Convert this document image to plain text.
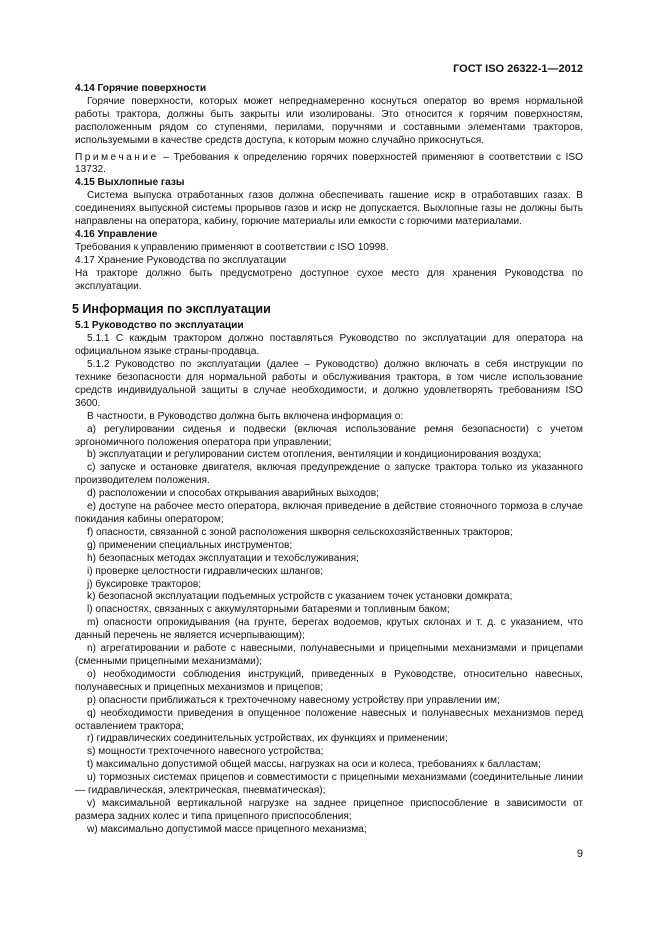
ГОСТ ISO 26322-1—2012
4.14 Горячие поверхности
Горячие поверхности, которых может непреднамеренно коснуться оператор во время нормальной работы трактора, должны быть закрыты или изолированы. Это относится к горячим поверхностям, расположенным рядом со ступенями, перилами, поручнями и составными элементами тракторов, используемыми в качестве средств доступа, к которым можно случайно прикоснуться.
Примечание – Требования к определению горячих поверхностей применяют в соответствии с ISO 13732.
4.15 Выхлопные газы
Система выпуска отработанных газов должна обеспечивать гашение искр в отработавших газах. В соединениях выпускной системы прорывов газов и искр не допускается. Выхлопные газы не должны быть направлены на оператора, кабину, горючие материалы или емкости с горючими материалами.
4.16 Управление
Требования к управлению применяют в соответствии с ISO 10998.
4.17 Хранение Руководства по эксплуатации
На тракторе должно быть предусмотрено доступное сухое место для хранения Руководства по эксплуатации.
5 Информация по эксплуатации
5.1 Руководство по эксплуатации
5.1.1 С каждым трактором должно поставляться Руководство по эксплуатации для оператора на официальном языке страны-продавца.
5.1.2 Руководство по эксплуатации (далее – Руководство) должно включать в себя инструкции по технике безопасности для нормальной работы и обслуживания трактора, в том числе использование средств индивидуальной защиты в случае необходимости, и должно удовлетворять требованиям ISO 3600.
В частности, в Руководство должна быть включена информация о:
a) регулировании сиденья и подвески (включая использование ремня безопасности) с учетом эргономичного положения оператора при управлении;
b) эксплуатации и регулировании систем отопления, вентиляции и кондиционирования воздуха;
c) запуске и остановке двигателя, включая предупреждение о запуске трактора только из указанного производителем положения.
d) расположении и способах открывания аварийных выходов;
e) доступе на рабочее место оператора, включая приведение в действие стояночного тормоза в случае покидания кабины операторoм;
f) опасности, связанной с зоной расположения шкворня сельскохозяйственных тракторов;
g) применении специальных инструментов;
h) безопасных методах эксплуатации и техобслуживания;
i) проверке целостности гидравлических шлангов;
j) буксировке тракторов;
k) безопасной эксплуатации подъемных устройств с указанием точек установки домкрата;
l) опасностях, связанных с аккумуляторными батареями и топливным баком;
m) опасности опрокидывания (на грунте, берегах водоемов, крутых склонах и т. д. с указанием, что данный перечень не является исчерпывающим);
n) агрегатировании и работе с навесными, полунавесными и прицепными механизмами и прицепами (сменными прицепными механизмами);
o) необходимости соблюдения инструкций, приведенных в Руководстве, относительно навесных, полунавесных и прицепных механизмов и прицепов;
p) опасности приближаться к трехточечному навесному устройству при управлении им;
q) необходимости приведения в опущенное положение навесных и полунавесных механизмов перед оставлением трактора;
r) гидравлических соединительных устройствах, их функциях и применении;
s) мощности трехточечного навесного устройства;
t) максимально допустимой общей массы, нагрузках на оси и колеса, требованиях к балластам;
u) тормозных системах прицепов и совместимости с прицепными механизмами (соединительные линии — гидравлическая, электрическая, пневматическая);
v) максимальной вертикальной нагрузке на заднее прицепное приспособление в зависимости от размера задних колес и типа прицепного приспособления;
w) максимально допустимой массе прицепного механизма;
9
